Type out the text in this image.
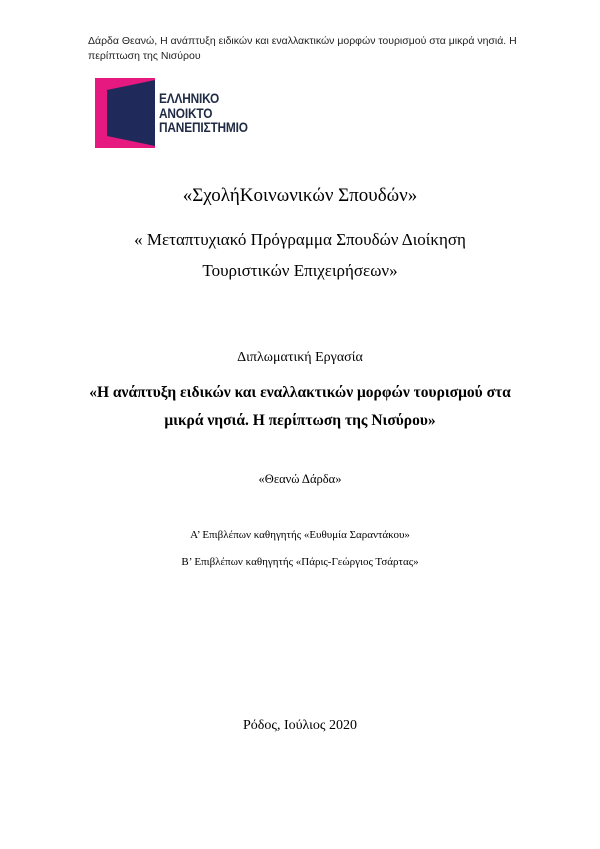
Δάρδα Θεανώ, Η ανάπτυξη ειδικών και εναλλακτικών μορφών τουρισμού στα μικρά νησιά. Η περίπτωση της Νισύρου
ΕΛΛΗΝΙΚΟ
ΑΝΟΙΚΤΟ
ΠΑΝΕΠΙΣΤΗΜΙΟ
«ΣχολήΚοινωνικών Σπουδών»
« Μεταπτυχιακό Πρόγραμμα Σπουδών Διοίκηση
Τουριστικών Επιχειρήσεων»
Διπλωματική Εργασία
«Η ανάπτυξη ειδικών και εναλλακτικών μορφών τουρισμού στα
μικρά νησιά. Η περίπτωση της Νισύρου»
«Θεανώ Δάρδα»
Α’ Επιβλέπων καθηγητής «Ευθυμία Σαραντάκου»
Β’ Επιβλέπων καθηγητής «Πάρις-Γεώργιος Τσάρτας»
Ρόδος, Ιούλιος 2020
